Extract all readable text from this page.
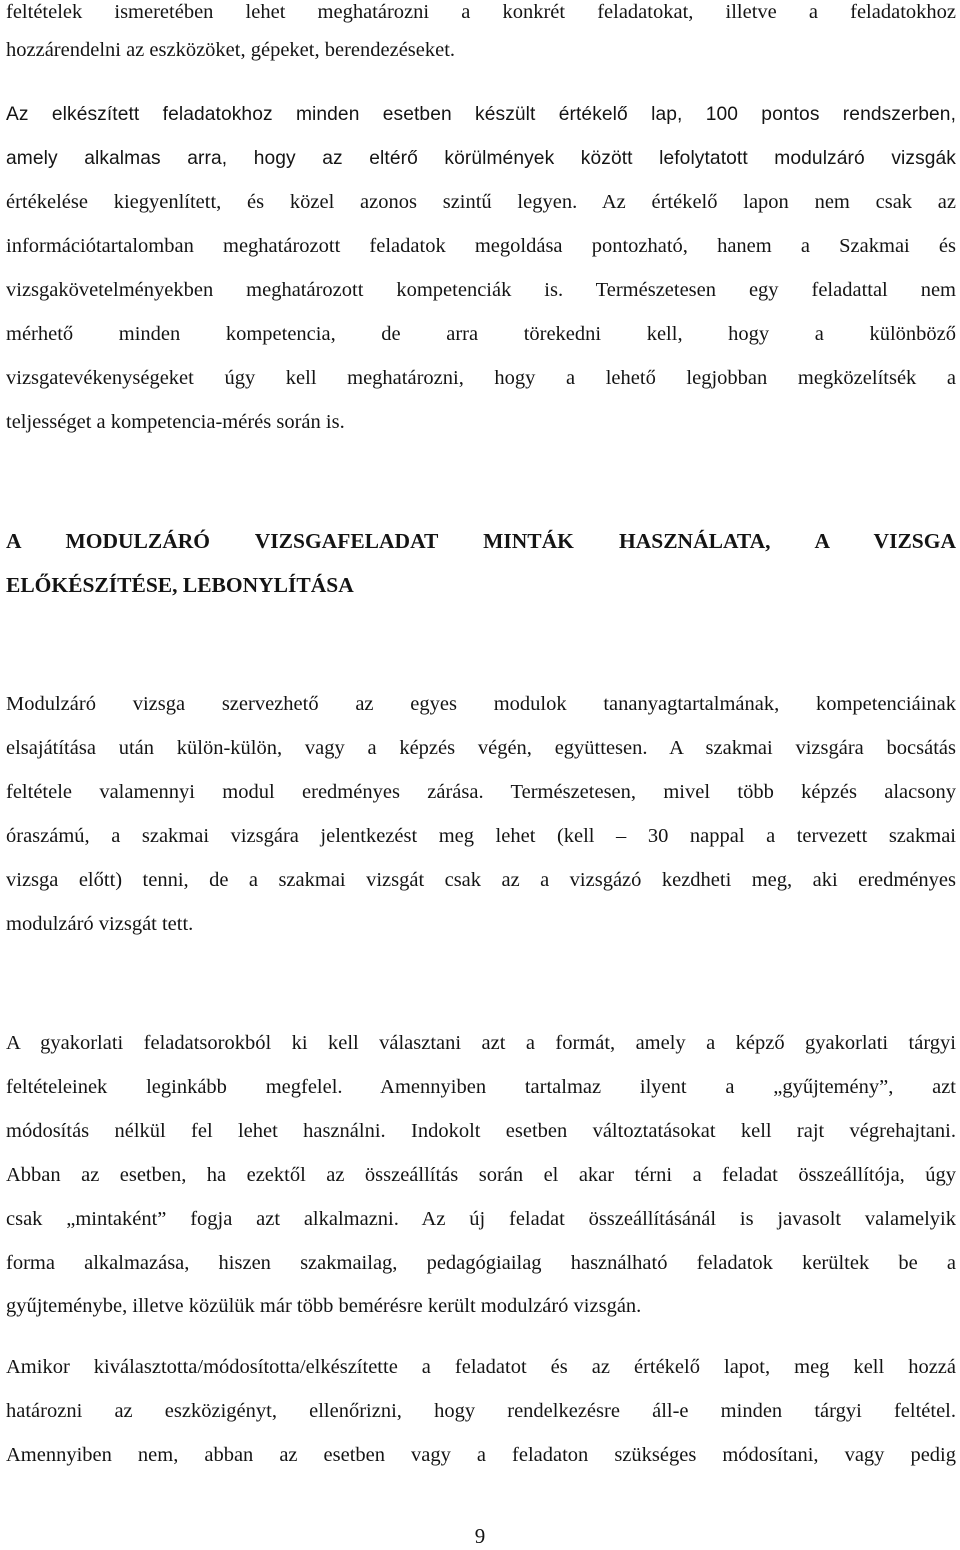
feltételek ismeretében lehet meghatározni a konkrét feladatokat, illetve a feladatokhoz
hozzárendelni az eszközöket, gépeket, berendezéseket.
Az elkészített feladatokhoz minden esetben készült értékelő lap, 100 pontos rendszerben,
amely alkalmas arra, hogy az eltérő körülmények között lefolytatott modulzáró vizsgák
értékelése kiegyenlített, és közel azonos szintű legyen. Az értékelő lapon nem csak az
információtartalomban meghatározott feladatok megoldása pontozható, hanem a Szakmai és
vizsgakövetelményekben meghatározott kompetenciák is. Természetesen egy feladattal nem
mérhető minden kompetencia, de arra törekedni kell, hogy a különböző
vizsgatevékenységeket úgy kell meghatározni, hogy a lehető legjobban megközelítsék a
teljességet a kompetencia-mérés során is.
A MODULZÁRÓ VIZSGAFELADAT MINTÁK HASZNÁLATA, A VIZSGA
ELŐKÉSZÍTÉSE, LEBONYLÍTÁSA
Modulzáró vizsga szervezhető az egyes modulok tananyagtartalmának, kompetenciáinak
elsajátítása után külön-külön, vagy a képzés végén, együttesen. A szakmai vizsgára bocsátás
feltétele valamennyi modul eredményes zárása. Természetesen, mivel több képzés alacsony
óraszámú, a szakmai vizsgára jelentkezést meg lehet (kell – 30 nappal a tervezett szakmai
vizsga előtt) tenni, de a szakmai vizsgát csak az a vizsgázó kezdheti meg, aki eredményes
modulzáró vizsgát tett.
A gyakorlati feladatsorokból ki kell választani azt a formát, amely a képző gyakorlati tárgyi
feltételeinek leginkább megfelel. Amennyiben tartalmaz ilyent a „gyűjtemény”, azt
módosítás nélkül fel lehet használni. Indokolt esetben változtatásokat kell rajt végrehajtani.
Abban az esetben, ha ezektől az összeállítás során el akar térni a feladat összeállítója, úgy
csak „mintaként” fogja azt alkalmazni. Az új feladat összeállításánál is javasolt valamelyik
forma alkalmazása, hiszen szakmailag, pedagógiailag használható feladatok kerültek be a
gyűjteménybe, illetve közülük már több bemérésre került modulzáró vizsgán.
Amikor kiválasztotta/módosította/elkészítette a feladatot és az értékelő lapot, meg kell hozzá
határozni az eszközigényt, ellenőrizni, hogy rendelkezésre áll-e minden tárgyi feltétel.
Amennyiben nem, abban az esetben vagy a feladaton szükséges módosítani, vagy pedig
9
